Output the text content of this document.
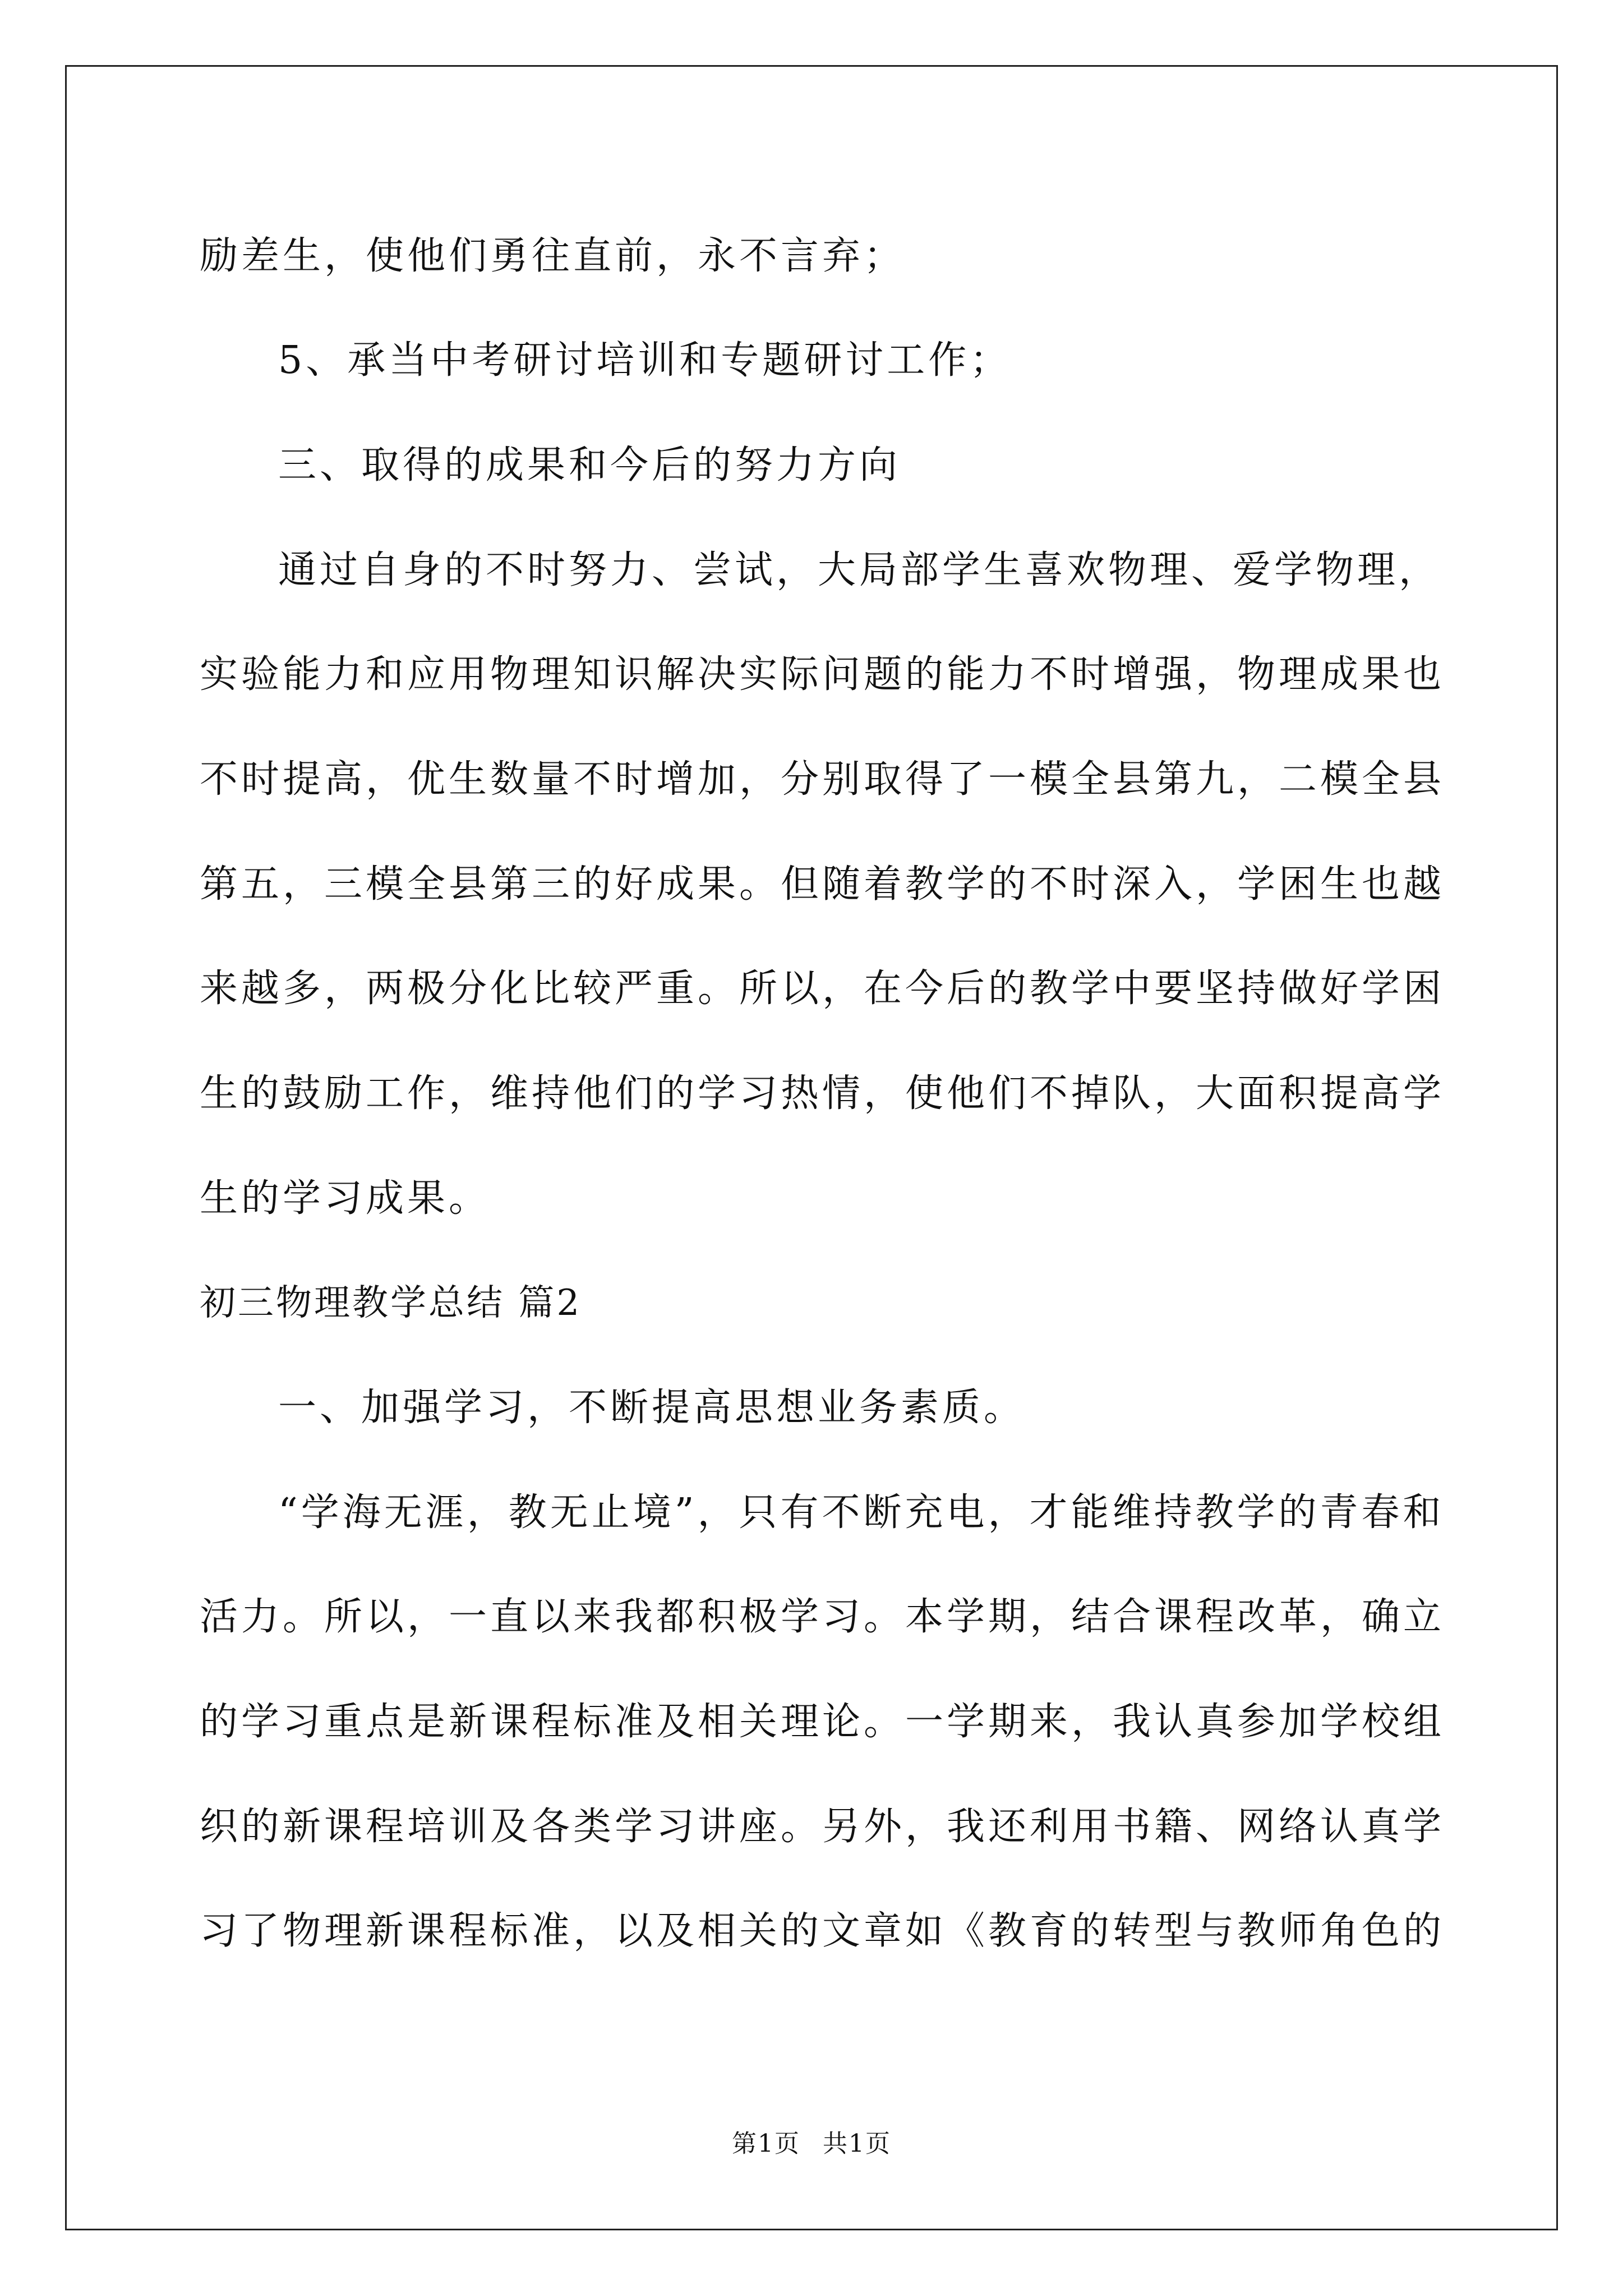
励差生，使他们勇往直前，永不言弃；
5、承当中考研讨培训和专题研讨工作；
三、取得的成果和今后的努力方向
通过自身的不时努力、尝试，大局部学生喜欢物理、爱学物理，
实验能力和应用物理知识解决实际问题的能力不时增强，物理成果也
不时提高，优生数量不时增加，分别取得了一模全县第九，二模全县
第五，三模全县第三的好成果。但随着教学的不时深入，学困生也越
来越多，两极分化比较严重。所以，在今后的教学中要坚持做好学困
生的鼓励工作，维持他们的学习热情，使他们不掉队，大面积提高学
生的学习成果。
初三物理教学总结 篇2
一、加强学习，不断提高思想业务素质。
“学海无涯，教无止境”，只有不断充电，才能维持教学的青春和
活力。所以，一直以来我都积极学习。本学期，结合课程改革，确立
的学习重点是新课程标准及相关理论。一学期来，我认真参加学校组
织的新课程培训及各类学习讲座。另外，我还利用书籍、网络认真学
习了物理新课程标准，以及相关的文章如《教育的转型与教师角色的
第1页 共1页
